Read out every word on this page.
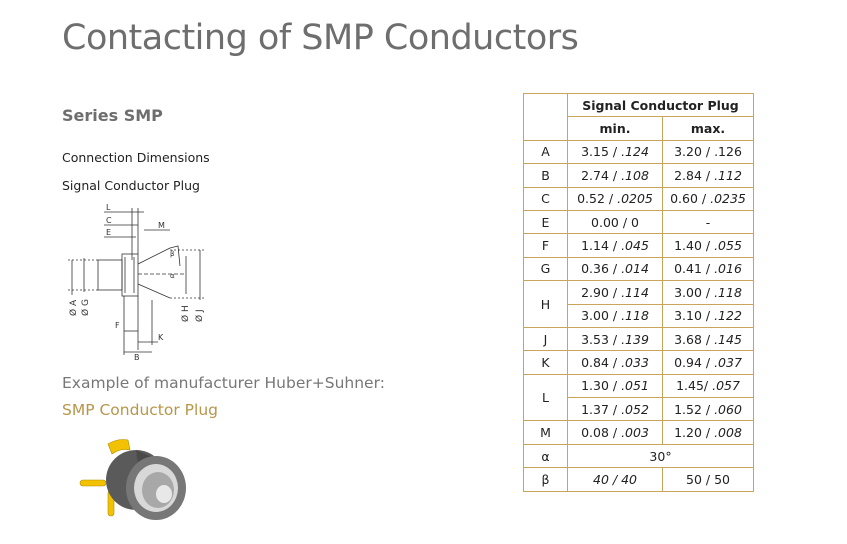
Contacting of SMP Conductors
Series SMP
Connection Dimensions
Signal Conductor Plug
L
C
E
M
β
α
Ø A Ø G	Ø H Ø J
F
K
B
Example of manufacturer Huber+Suhner:
SMP Conductor Plug
	Signal Conductor Plug	
	min.	max.
A	3.15 / .124	3.20 / .126
B	2.74 / .108	2.84 / .112
C	0.52 / .0205	0.60 / .0235
E	0.00 / 0	-
F	1.14 / .045	1.40 / .055
G	0.36 / .014	0.41 / .016
H	2.90 / .114	3.00 / .118
	3.00 / .118	3.10 / .122
J	3.53 / .139	3.68 / .145
K	0.84 / .033	0.94 / .037
L	1.30 / .051	1.45/ .057
	1.37 / .052	1.52 / .060
M	0.08 / .003	1.20 / .008
α	30°	
β	40 / 40	50 / 50
